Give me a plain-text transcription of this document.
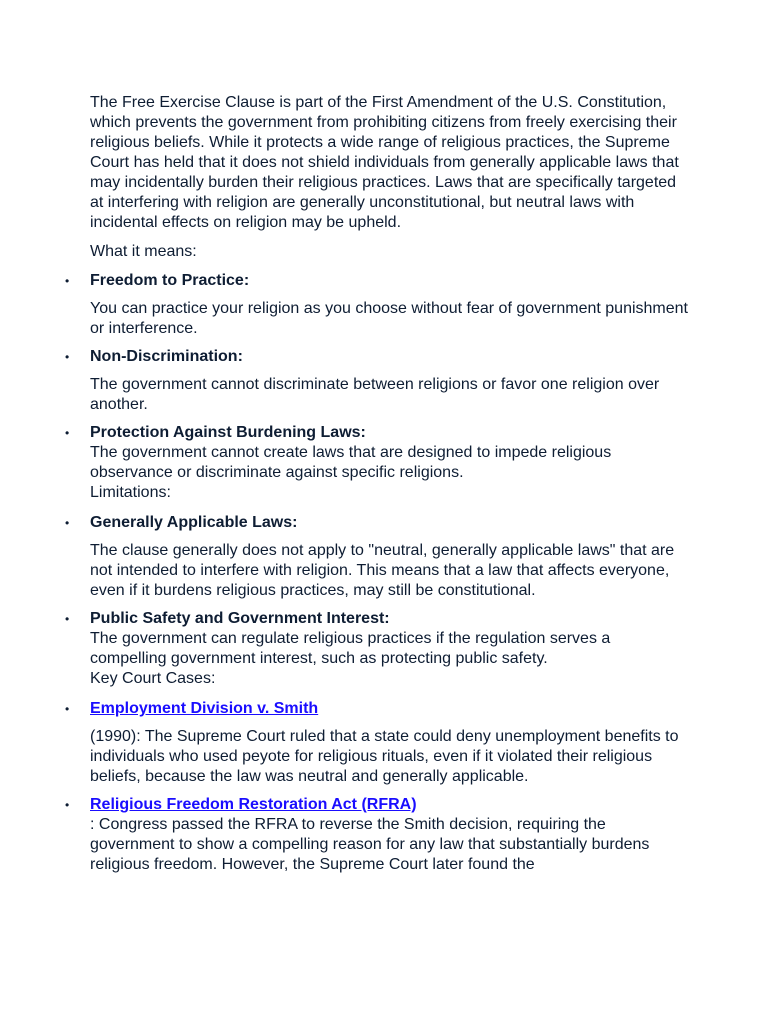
The Free Exercise Clause is part of the First Amendment of the U.S. Constitution, which prevents the government from prohibiting citizens from freely exercising their religious beliefs. While it protects a wide range of religious practices, the Supreme Court has held that it does not shield individuals from generally applicable laws that may incidentally burden their religious practices. Laws that are specifically targeted at interfering with religion are generally unconstitutional, but neutral laws with incidental effects on religion may be upheld.

What it means:

•	Freedom to Practice:

You can practice your religion as you choose without fear of government punishment or interference.

•	Non-Discrimination:

The government cannot discriminate between religions or favor one religion over another.

•	Protection Against Burdening Laws:

The government cannot create laws that are designed to impede religious observance or discriminate against specific religions.

Limitations:

•	Generally Applicable Laws:

The clause generally does not apply to "neutral, generally applicable laws" that are not intended to interfere with religion. This means that a law that affects everyone, even if it burdens religious practices, may still be constitutional.

•	Public Safety and Government Interest:

The government can regulate religious practices if the regulation serves a compelling government interest, such as protecting public safety.

Key Court Cases:

•	Employment Division v. Smith

(1990): The Supreme Court ruled that a state could deny unemployment benefits to individuals who used peyote for religious rituals, even if it violated their religious beliefs, because the law was neutral and generally applicable.

•	Religious Freedom Restoration Act (RFRA)

: Congress passed the RFRA to reverse the Smith decision, requiring the government to show a compelling reason for any law that substantially burdens religious freedom. However, the Supreme Court later found the
